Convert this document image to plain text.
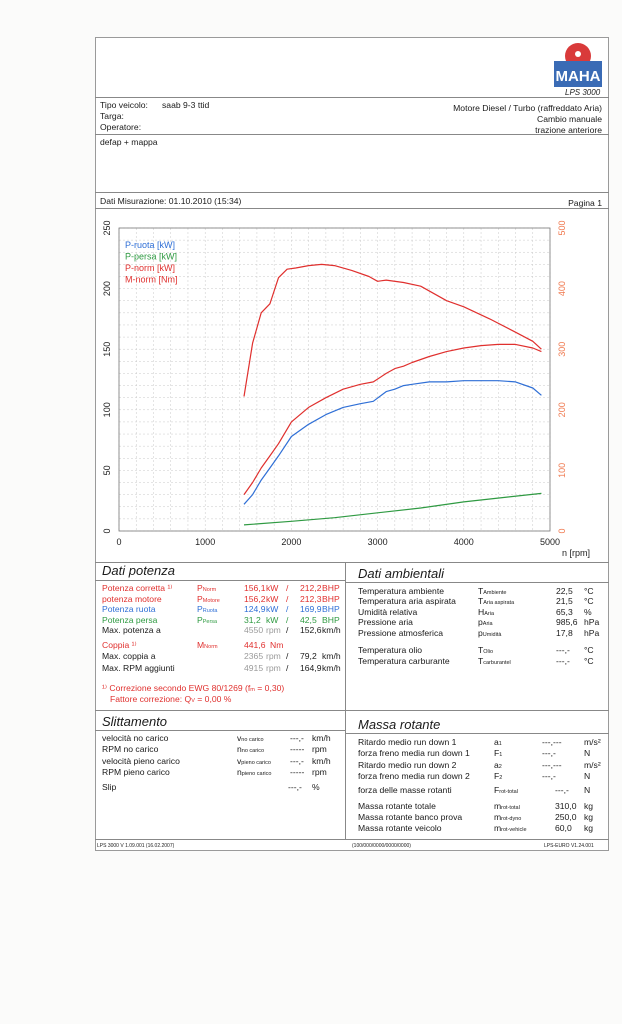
MAHA
LPS 3000
Tipo veicolo: saab 9-3 ttid
Targa:
Operatore:
Motore Diesel / Turbo (raffreddato Aria)
Cambio manuale
trazione anteriore
defap + mappa
Dati Misurazione: 01.10.2010 (15:34)	Pagina 1
0	1000	2000	3000	4000	5000
0
50
100
150
200
250
0
100
200
300
400
500
n [rpm]
P-ruota [kW]
P-persa [kW]
P-norm [kW]
M-norm [Nm]
Dati potenza
Potenza corretta ¹⁾	PNorm	156,1 kW / 212,2 BHP
potenza motore	PMotore	156,2 kW / 212,3 BHP
Potenza ruota	PRuota	124,9 kW / 169,9 BHP
Potenza persa	PPersa	31,2 kW / 42,5 BHP
Max. potenza a	4550 rpm / 152,6 km/h
Coppia ¹⁾	MNorm	441,6 Nm
Max. coppia a	2365 rpm / 79,2 km/h
Max. RPM aggiunti	4915 rpm / 164,9 km/h
¹⁾ Correzione secondo EWG 80/1269 (fm = 0,30)
Fattore correzione: QV = 0,00 %
Dati ambientali
Temperatura ambiente	TAmbiente	22,5 °C
Temperatura aria aspirata	TAria aspirata	21,5 °C
Umidità relativa	HAria	65,3 %
Pressione aria	pAria	985,6 hPa
Pressione atmosferica	pUmidità	17,8 hPa
Temperatura olio	TOlio	---,- °C
Temperatura carburante	Tcarburantel	---,- °C
Slittamento
velocità no carico	vno carico	---,- km/h
RPM no carico	nno carico	----- rpm
velocità pieno carico	vpieno carico ---,- km/h
RPM pieno carico	npieno carico ----- rpm
Slip	---,- %
Massa rotante
Ritardo medio run down 1	a1	---,---	m/s²
forza freno media run down 1	F1	---,-	N
Ritardo medio run down 2	a2	---,---	m/s²
forza freno media run down 2	F2	---,-	N
forza delle masse rotanti	Frot-total	---,- N
Massa rotante totale	mrot-total	310,0 kg
Massa rotante banco prova	mrot-dyno	250,0 kg
Massa rotante veicolo	mrot-vehicle	60,0 kg
LPS 3000 V 1.09.001 (16.02.2007)	(100/000/0000/0000/0000)	LPS-EURO V1.24.001
